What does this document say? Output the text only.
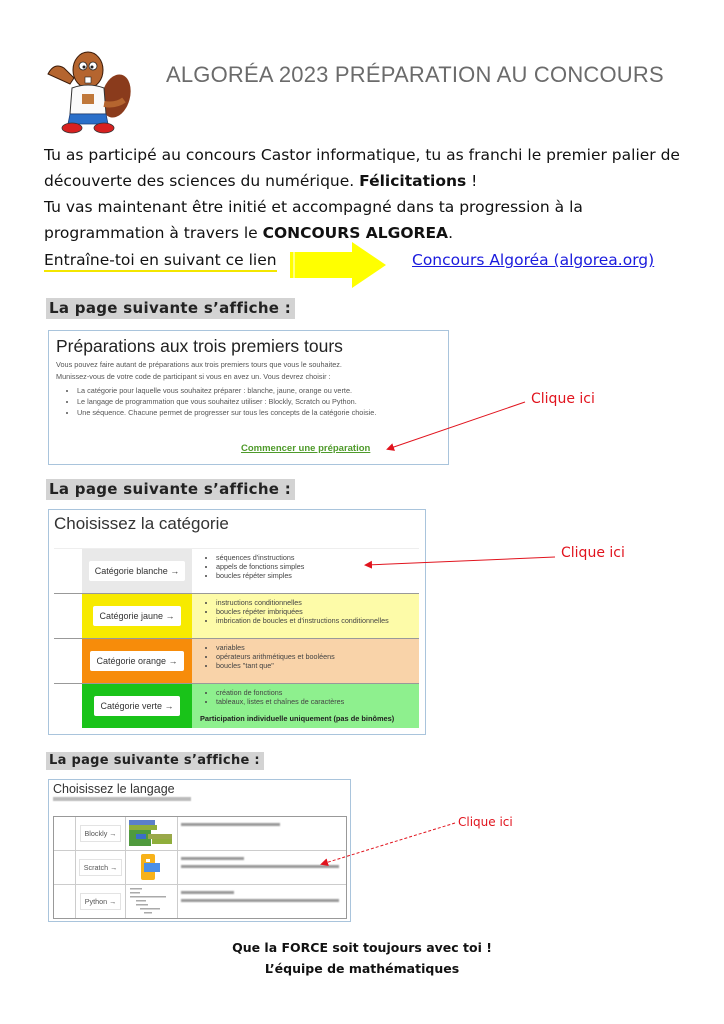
ALGORÉA 2023 PRÉPARATION AU CONCOURS
Tu as participé au concours Castor informatique, tu as franchi le premier palier de découverte des sciences du numérique. Félicitations !
Tu vas maintenant être initié et accompagné dans ta progression à la programmation à travers le CONCOURS ALGOREA.
Entraîne-toi en suivant ce lien	Concours Algoréa (algorea.org)
La page suivante s’affiche :
Préparations aux trois premiers tours

Vous pouvez faire autant de préparations aux trois premiers tours que vous le souhaitez.

Munissez-vous de votre code de participant si vous en avez un. Vous devrez choisir :

• La catégorie pour laquelle vous souhaitez préparer : blanche, jaune, orange ou verte.
• Le langage de programmation que vous souhaitez utiliser : Blockly, Scratch ou Python.
• Une séquence. Chacune permet de progresser sur tous les concepts de la catégorie choisie.
Commencer une préparation
Clique ici
La page suivante s’affiche :
Choisissez la catégorie
Catégorie blanche →
• séquences d'instructions
• appels de fonctions simples
• boucles répéter simples
Catégorie jaune →
• instructions conditionnelles
• boucles répéter imbriquées
• imbrication de boucles et d'instructions conditionnelles
Catégorie orange →
• variables
• opérateurs arithmétiques et booléens
• boucles "tant que"
Catégorie verte →
• création de fonctions
• tableaux, listes et chaînes de caractères
Participation individuelle uniquement (pas de binômes)
Clique ici
La page suivante s’affiche :
Choisissez le langage
Blockly →
Scratch →
Python →
Clique ici
Que la FORCE soit toujours avec toi !
L’équipe de mathématiques
